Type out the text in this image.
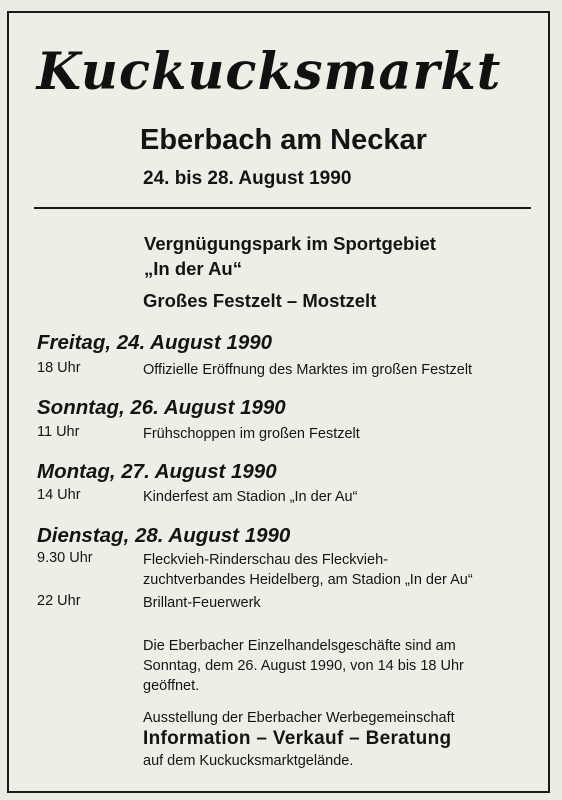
Kuckucksmarkt
Eberbach am Neckar
24. bis 28. August 1990
Vergnügungspark im Sportgebiet
„In der Au“
Großes Festzelt – Mostzelt
Freitag, 24. August 1990
18 Uhr	Offizielle Eröffnung des Marktes im großen Festzelt
Sonntag, 26. August 1990
11 Uhr	Frühschoppen im großen Festzelt
Montag, 27. August 1990
14 Uhr	Kinderfest am Stadion „In der Au“
Dienstag, 28. August 1990
9.30 Uhr	Fleckvieh-Rinderschau des Fleckvieh-
zuchtverbandes Heidelberg, am Stadion „In der Au“
22 Uhr	Brillant-Feuerwerk
Die Eberbacher Einzelhandelsgeschäfte sind am
Sonntag, dem 26. August 1990, von 14 bis 18 Uhr
geöffnet.
Ausstellung der Eberbacher Werbegemeinschaft
Information – Verkauf – Beratung
auf dem Kuckucksmarktgelände.
